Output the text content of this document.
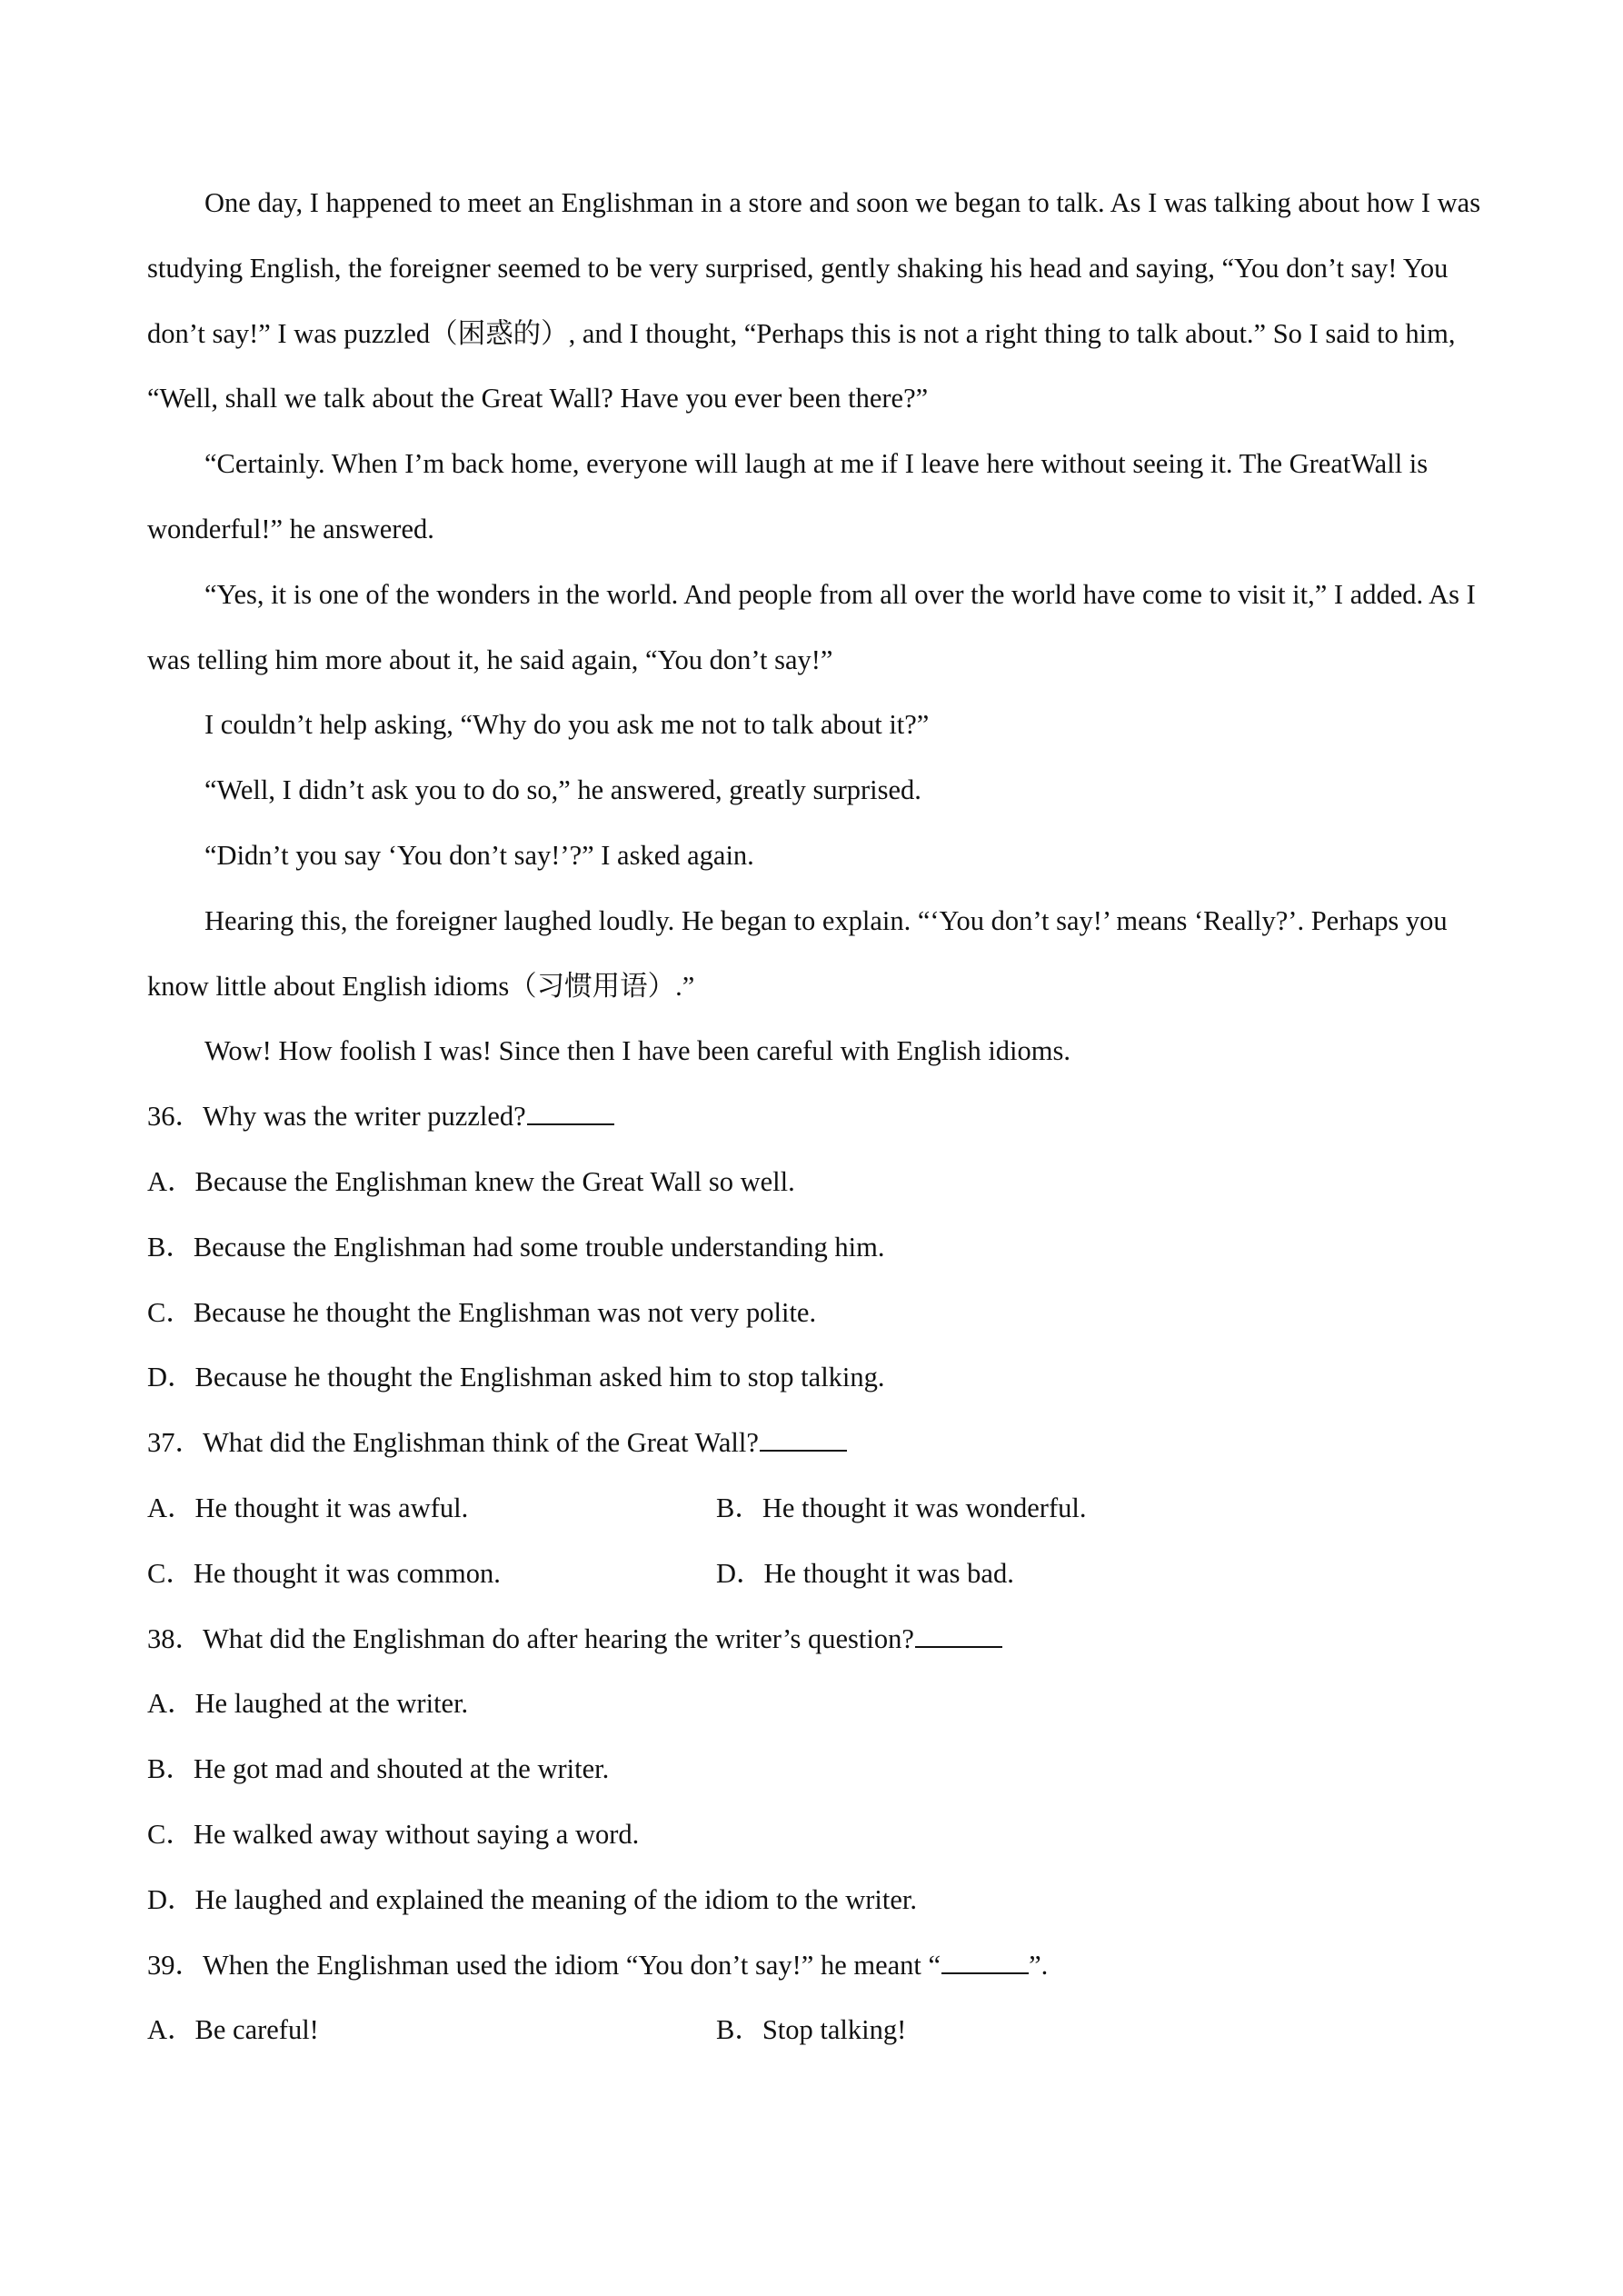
One day, I happened to meet an Englishman in a store and soon we began to talk. As I was talking about how I was studying English, the foreigner seemed to be very surprised, gently shaking his head and saying, “You don’t say! You don’t say!” I was puzzled（困惑的）, and I thought, “Perhaps this is not a right thing to talk about.” So I said to him, “Well, shall we talk about the Great Wall? Have you ever been there?”

“Certainly. When I’m back home, everyone will laugh at me if I leave here without seeing it. The GreatWall is wonderful!” he answered.

“Yes, it is one of the wonders in the world. And people from all over the world have come to visit it,” I added. As I was telling him more about it, he said again, “You don’t say!”

I couldn’t help asking, “Why do you ask me not to talk about it?”

“Well, I didn’t ask you to do so,” he answered, greatly surprised.

“Didn’t you say ‘You don’t say!’?” I asked again.

Hearing this, the foreigner laughed loudly. He began to explain. “‘You don’t say!’ means ‘Really?’. Perhaps you know little about English idioms（习惯用语）.”

Wow! How foolish I was! Since then I have been careful with English idioms.

36．Why was the writer puzzled?
A．Because the Englishman knew the Great Wall so well.
B．Because the Englishman had some trouble understanding him.
C．Because he thought the Englishman was not very polite.
D．Because he thought the Englishman asked him to stop talking.
37．What did the Englishman think of the Great Wall?
A．He thought it was awful.	B．He thought it was wonderful.
C．He thought it was common.	D．He thought it was bad.
38．What did the Englishman do after hearing the writer’s question?
A．He laughed at the writer.
B．He got mad and shouted at the writer.
C．He walked away without saying a word.
D．He laughed and explained the meaning of the idiom to the writer.
39．When the Englishman used the idiom “You don’t say!” he meant “	”.
A．Be careful!	B．Stop talking!
